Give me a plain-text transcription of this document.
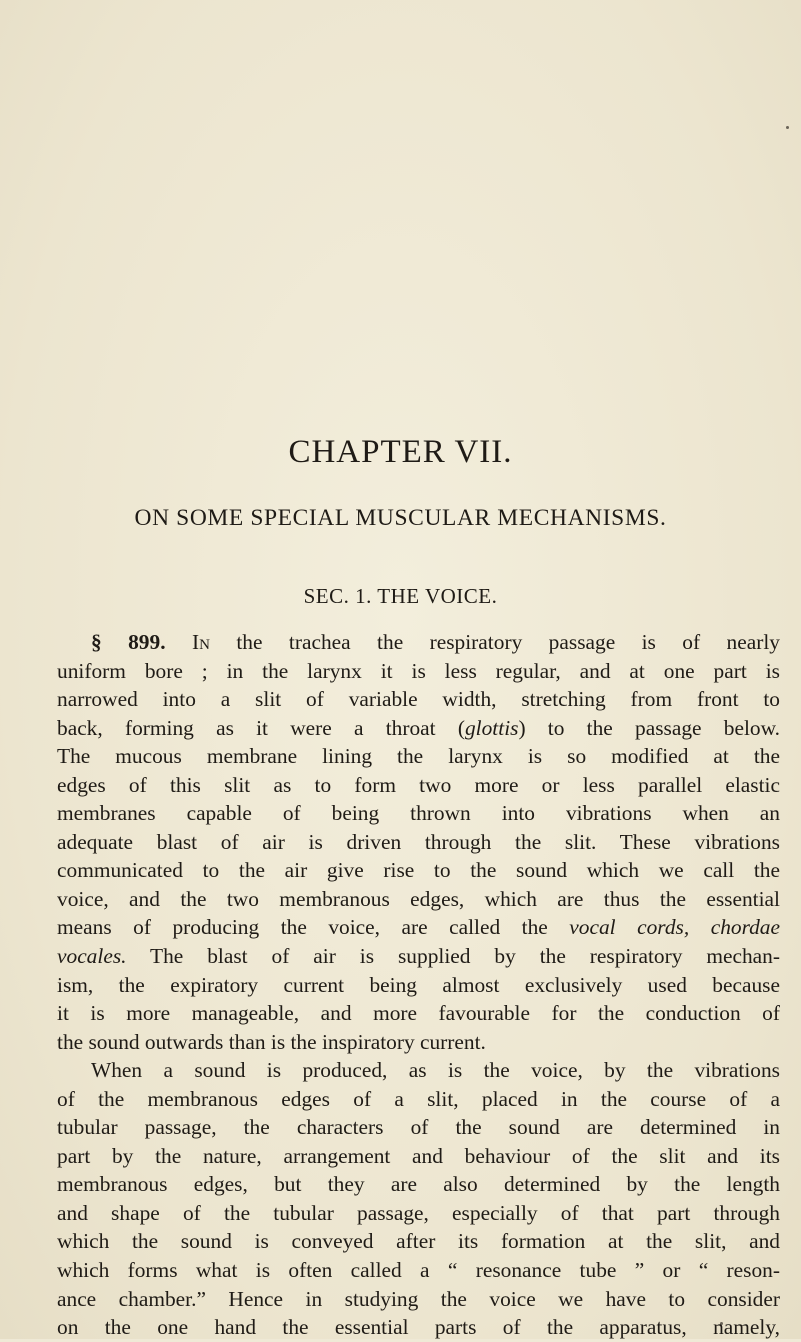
CHAPTER VII.
ON SOME SPECIAL MUSCULAR MECHANISMS.
SEC. 1. THE VOICE.
§ 899. In the trachea the respiratory passage is of nearly
uniform bore ; in the larynx it is less regular, and at one part is
narrowed into a slit of variable width, stretching from front to
back, forming as it were a throat (glottis) to the passage below.
The mucous membrane lining the larynx is so modified at the
edges of this slit as to form two more or less parallel elastic
membranes capable of being thrown into vibrations when an
adequate blast of air is driven through the slit. These vibrations
communicated to the air give rise to the sound which we call the
voice, and the two membranous edges, which are thus the essential
means of producing the voice, are called the vocal cords, chordae
vocales. The blast of air is supplied by the respiratory mechan-
ism, the expiratory current being almost exclusively used because
it is more manageable, and more favourable for the conduction of
the sound outwards than is the inspiratory current.
When a sound is produced, as is the voice, by the vibrations
of the membranous edges of a slit, placed in the course of a
tubular passage, the characters of the sound are determined in
part by the nature, arrangement and behaviour of the slit and its
membranous edges, but they are also determined by the length
and shape of the tubular passage, especially of that part through
which the sound is conveyed after its formation at the slit, and
which forms what is often called a “ resonance tube ” or “ reson-
ance chamber.” Hence in studying the voice we have to consider
on the one hand the essential parts of the apparatus, namely,
